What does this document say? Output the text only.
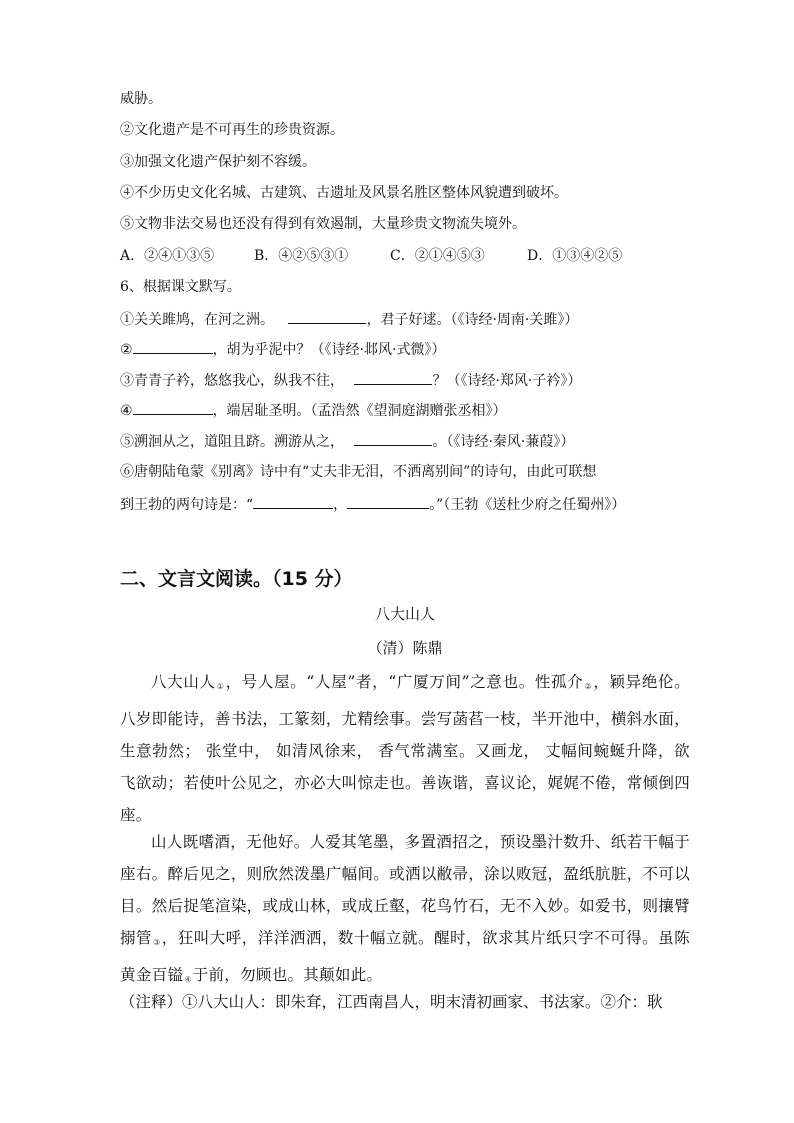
威胁。
②文化遗产是不可再生的珍贵资源。
③加强文化遗产保护刻不容缓。
④不少历史文化名城、古建筑、古遗址及风景名胜区整体风貌遭到破坏。
⑤文物非法交易也还没有得到有效遏制，大量珍贵文物流失境外。
A．②④①③⑤	B．④②⑤③①	C．②①④⑤③	D．①③④②⑤
6、根据课文默写。
①关关雎鸠，在河之洲。	，君子好逑。（《诗经·周南·关雎》）
②	，胡为乎泥中？（《诗经·邶风·式微》）
③青青子衿，悠悠我心，纵我不往，	？（《诗经·郑风·子衿》）
④	，端居耻圣明。（孟浩然《望洞庭湖赠张丞相》）
⑤溯洄从之，道阻且跻。溯游从之，	。（《诗经·秦风·蒹葭》）
⑥唐朝陆龟蒙《别离》诗中有“丈夫非无泪，不洒离别间”的诗句，由此可联想
到王勃的两句诗是：“	，	。”（王勃《送杜少府之任蜀州》）
二、文言文阅读。（15 分）
八大山人
（清）陈鼎
八大山人①，号人屋。“人屋”者，“广厦万间”之意也。性孤介②，颖异绝伦。八岁即能诗，善书法，工篆刻，尤精绘事。尝写菡萏一枝，半开池中，横斜水面， 生意勃然； 张堂中， 如清风徐来， 香气常满室。又画龙， 丈幅间蜿蜒升降，欲飞欲动；若使叶公见之，亦必大叫惊走也。善诙谐，喜议论，娓娓不倦，常倾倒四座。
山人既嗜酒，无他好。人爱其笔墨，多置酒招之，预设墨汁数升、纸若干幅于座右。醉后见之，则欣然泼墨广幅间。或洒以敝帚，涂以败冠，盈纸肮脏，不可以目。然后捉笔渲染，或成山林，或成丘壑，花鸟竹石，无不入妙。如爱书，则攘臂搦管③，狂叫大呼，洋洋洒洒，数十幅立就。醒时，欲求其片纸只字不可得。虽陈黄金百镒④于前，勿顾也。其颠如此。
（注释）①八大山人：即朱耷，江西南昌人，明末清初画家、书法家。②介：耿
